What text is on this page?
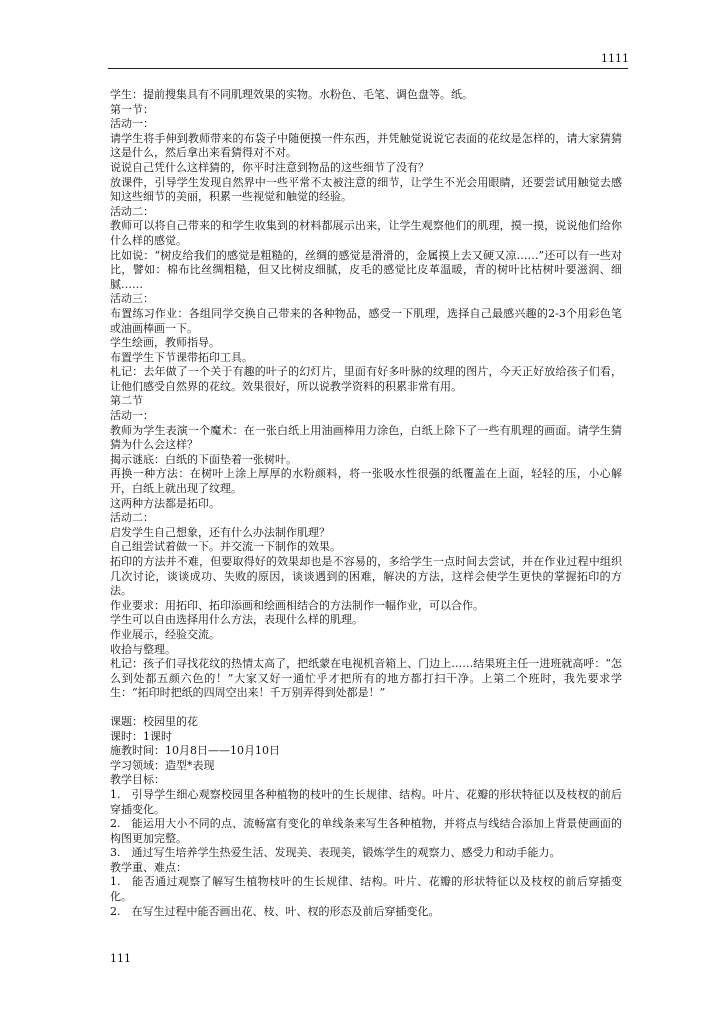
1111

学生：提前搜集具有不同肌理效果的实物。水粉色、毛笔、调色盘等。纸。

第一节：

活动一：

请学生将手伸到教师带来的布袋子中随便摸一件东西，并凭触觉说说它表面的花纹是怎样的，请大家猜猜这是什么，然后拿出来看猜得对不对。

说说自己凭什么这样猜的，你平时注意到物品的这些细节了没有？

放课件，引导学生发现自然界中一些平常不太被注意的细节，让学生不光会用眼睛，还要尝试用触觉去感知这些细节的美丽，积累一些视觉和触觉的经验。

活动二：

教师可以将自己带来的和学生收集到的材料都展示出来，让学生观察他们的肌理，摸一摸，说说他们给你什么样的感觉。

比如说：“树皮给我们的感觉是粗糙的，丝绸的感觉是滑滑的，金属摸上去又硬又凉……”还可以有一些对比，譬如：棉布比丝绸粗糙，但又比树皮细腻，皮毛的感觉比皮革温暖，青的树叶比枯树叶要滋润、细腻……

活动三：

布置练习作业：各组同学交换自己带来的各种物品，感受一下肌理，选择自己最感兴趣的2-3个用彩色笔或油画棒画一下。

学生绘画，教师指导。

布置学生下节课带拓印工具。

札记：去年做了一个关于有趣的叶子的幻灯片，里面有好多叶脉的纹理的图片，今天正好放给孩子们看，让他们感受自然界的花纹。效果很好，所以说教学资料的积累非常有用。

第二节

活动一：

教师为学生表演一个魔术：在一张白纸上用油画棒用力涂色，白纸上除下了一些有肌理的画面。请学生猜猜为什么会这样？

揭示谜底：白纸的下面垫着一张树叶。

再换一种方法：在树叶上涂上厚厚的水粉颜料，将一张吸水性很强的纸覆盖在上面，轻轻的压，小心解开，白纸上就出现了纹理。

这两种方法都是拓印。

活动二：

启发学生自己想象，还有什么办法制作肌理？

自己组尝试着做一下。并交流一下制作的效果。

拓印的方法并不难，但要取得好的效果却也是不容易的，多给学生一点时间去尝试，并在作业过程中组织几次讨论，谈谈成功、失败的原因，谈谈遇到的困难，解决的方法，这样会使学生更快的掌握拓印的方法。

作业要求：用拓印、拓印添画和绘画相结合的方法制作一幅作业，可以合作。

学生可以自由选择用什么方法，表现什么样的肌理。

作业展示，经验交流。

收拾与整理。

札记：孩子们寻找花纹的热情太高了，把纸蒙在电视机音箱上、门边上……结果班主任一进班就高呼：“怎么到处都五颜六色的！”大家又好一通忙乎才把所有的地方都打扫干净。上第二个班时，我先要求学生：“拓印时把纸的四周空出来！千万别弄得到处都是！”

课题：校园里的花

课时：1课时

施教时间：10月8日——10月10日

学习领域：造型*表现

教学目标：

1.　引导学生细心观察校园里各种植物的枝叶的生长规律、结构。叶片、花瓣的形状特征以及枝杈的前后穿插变化。

2.　能运用大小不同的点、流畅富有变化的单线条来写生各种植物，并将点与线结合添加上背景使画面的构图更加完整。

3.　通过写生培养学生热爱生活、发现美、表现美，锻炼学生的观察力、感受力和动手能力。

教学重、难点：

1.　能否通过观察了解写生植物枝叶的生长规律、结构。叶片、花瓣的形状特征以及枝杈的前后穿插变化。

2.　在写生过程中能否画出花、枝、叶、杈的形态及前后穿插变化。

111
